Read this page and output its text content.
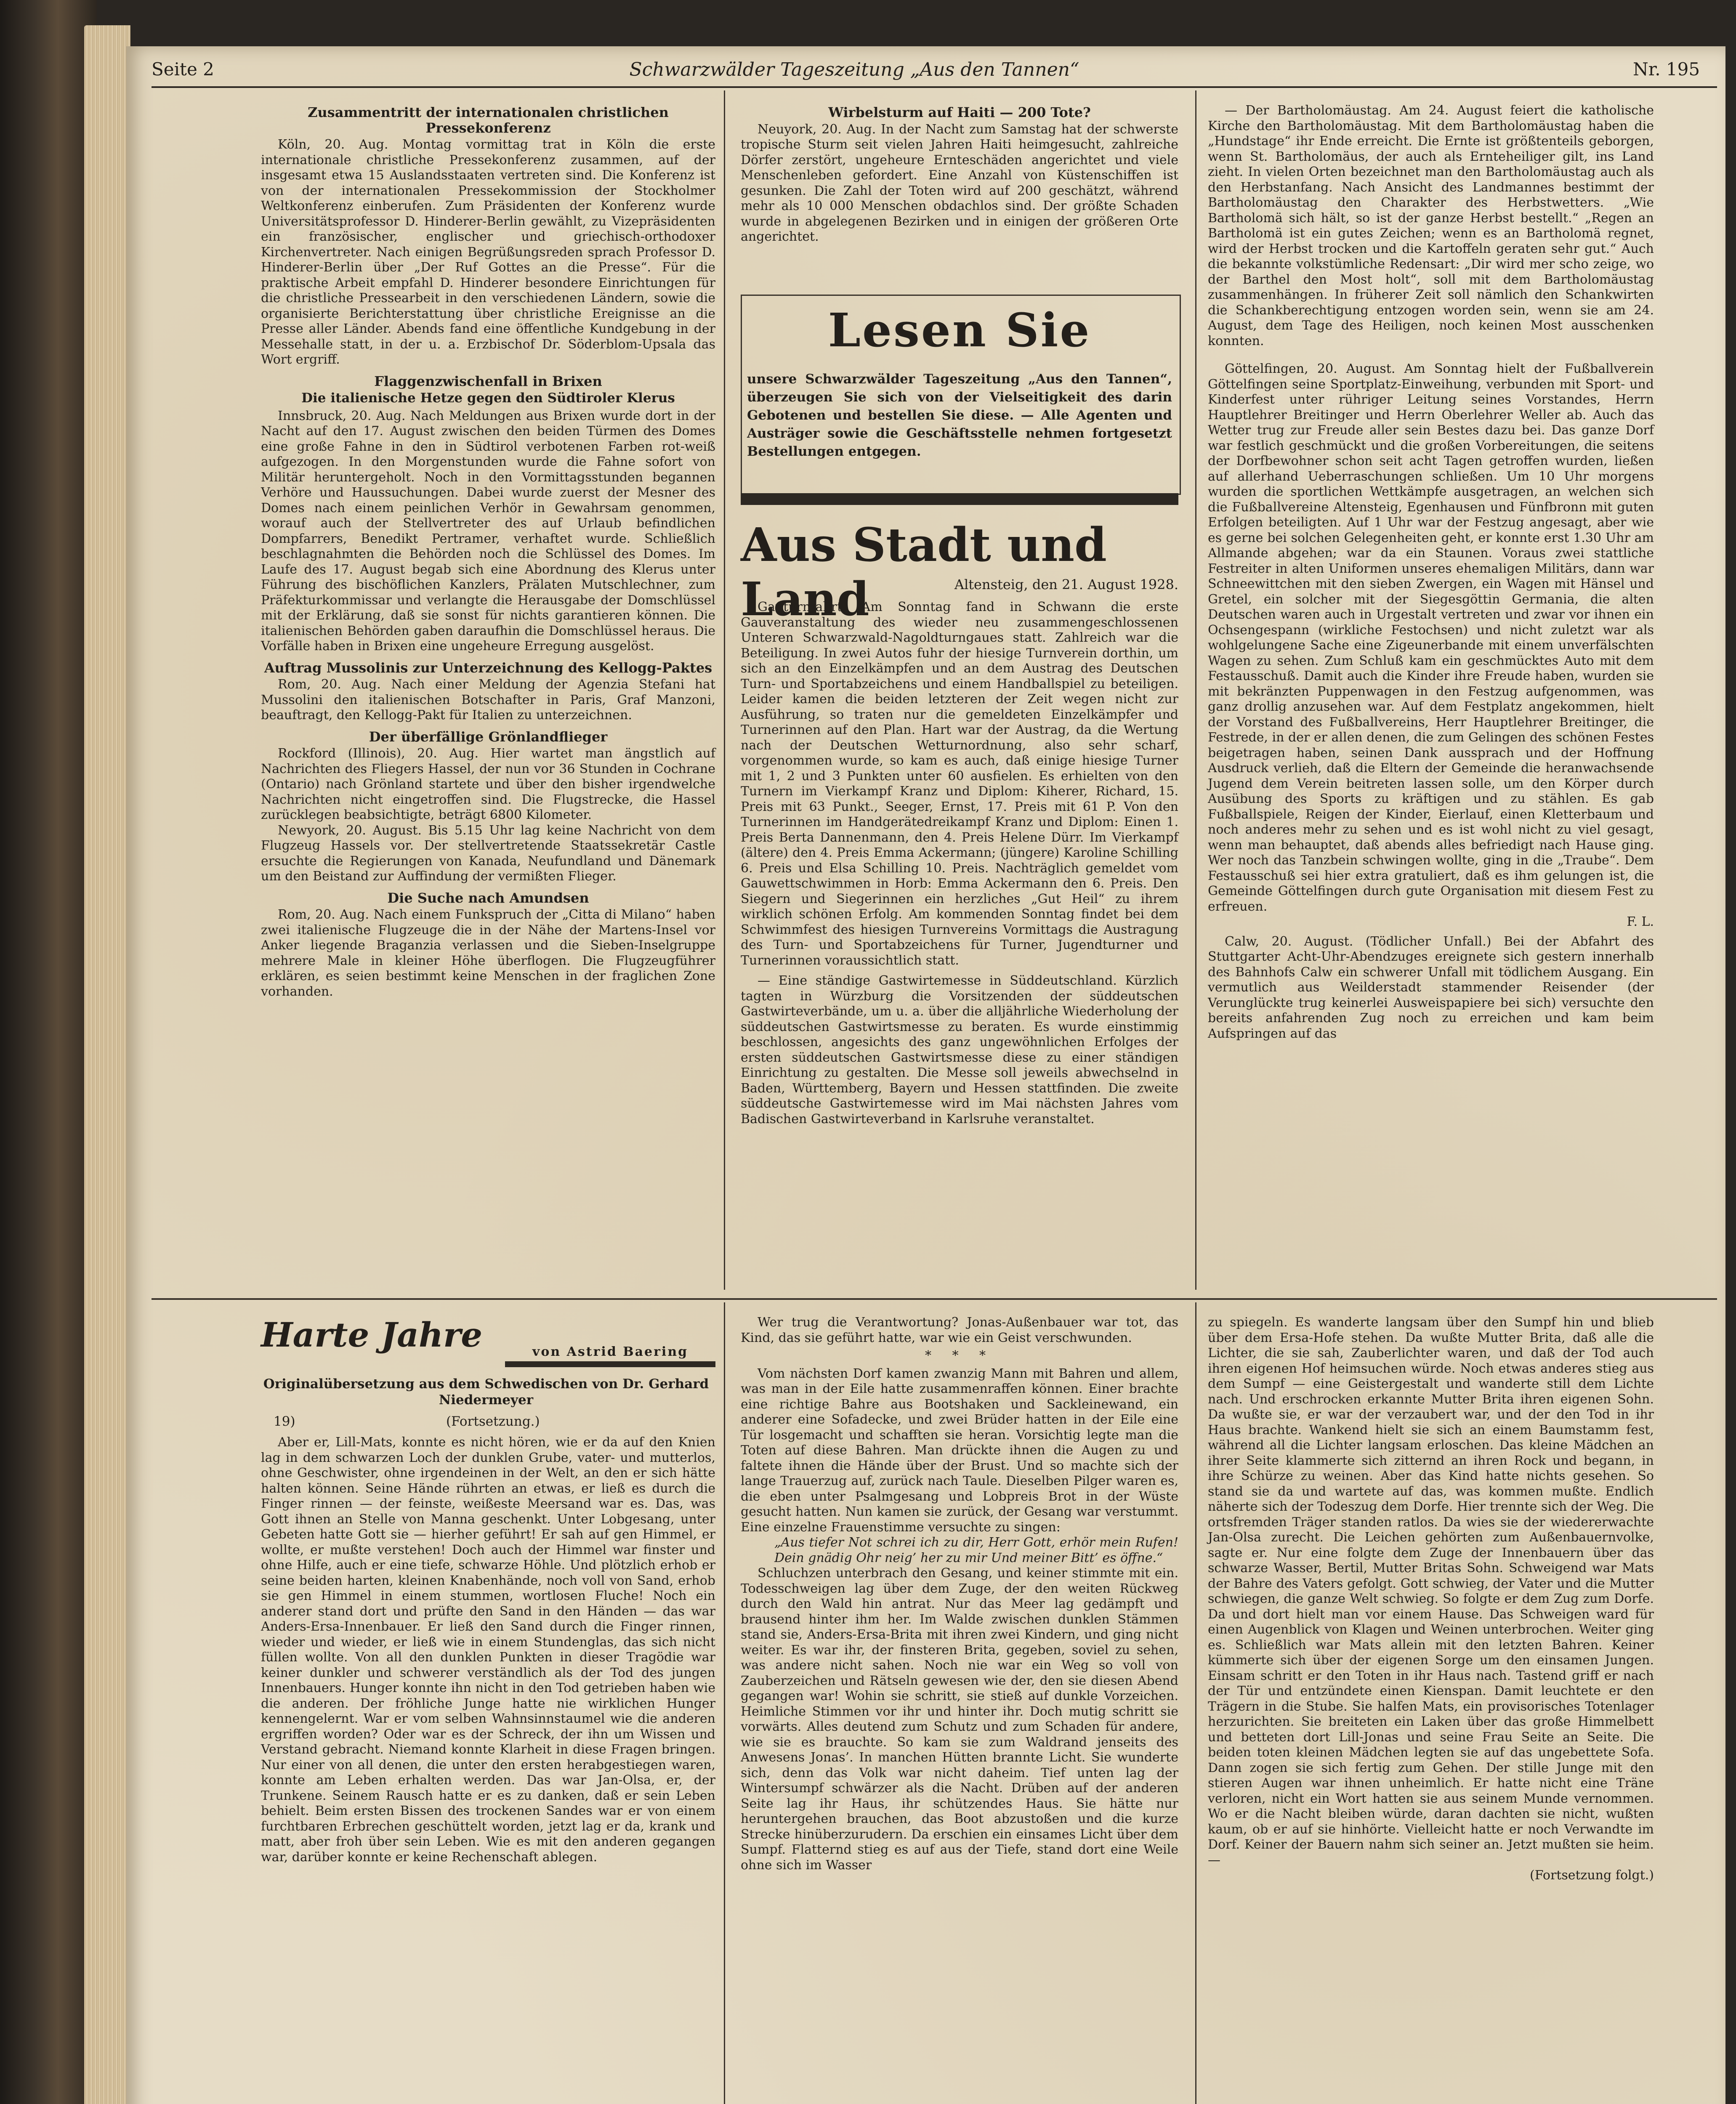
Seite 2	Schwarzwälder Tageszeitung „Aus den Tannen“	Nr. 195
Zusammentritt der internationalen christlichen Pressekonferenz

Köln, 20. Aug. Montag vormittag trat in Köln die erste internationale christliche Pressekonferenz zusammen, auf der insgesamt etwa 15 Auslandsstaaten vertreten sind. Die Konferenz ist von der internationalen Pressekommission der Stockholmer Weltkonferenz einberufen. Zum Präsidenten der Konferenz wurde Universitätsprofessor D. Hinderer-Berlin gewählt, zu Vizepräsidenten ein französischer, englischer und griechisch-orthodoxer Kirchenvertreter. Nach einigen Begrüßungsreden sprach Professor D. Hinderer-Berlin über „Der Ruf Gottes an die Presse“. Für die praktische Arbeit empfahl D. Hinderer besondere Einrichtungen für die christliche Pressearbeit in den verschiedenen Ländern, sowie die organisierte Berichterstattung über christliche Ereignisse an die Presse aller Länder. Abends fand eine öffentliche Kundgebung in der Messehalle statt, in der u. a. Erzbischof Dr. Söderblom-Upsala das Wort ergriff.

Flaggenzwischenfall in Brixen
Die italienische Hetze gegen den Südtiroler Klerus

Innsbruck, 20. Aug. Nach Meldungen aus Brixen wurde dort in der Nacht auf den 17. August zwischen den beiden Türmen des Domes eine große Fahne in den in Südtirol verbotenen Farben rot-weiß aufgezogen. In den Morgenstunden wurde die Fahne sofort von Militär heruntergeholt. Noch in den Vormittagsstunden begannen Verhöre und Haussuchungen. Dabei wurde zuerst der Mesner des Domes nach einem peinlichen Verhör in Gewahrsam genommen, worauf auch der Stellvertreter des auf Urlaub befindlichen Dompfarrers, Benedikt Pertramer, verhaftet wurde. Schließlich beschlagnahmten die Behörden noch die Schlüssel des Domes. Im Laufe des 17. August begab sich eine Abordnung des Klerus unter Führung des bischöflichen Kanzlers, Prälaten Mutschlechner, zum Präfekturkommissar und verlangte die Herausgabe der Domschlüssel mit der Erklärung, daß sie sonst für nichts garantieren können. Die italienischen Behörden gaben daraufhin die Domschlüssel heraus. Die Vorfälle haben in Brixen eine ungeheure Erregung ausgelöst.

Auftrag Mussolinis zur Unterzeichnung des Kellogg-Paktes

Rom, 20. Aug. Nach einer Meldung der Agenzia Stefani hat Mussolini den italienischen Botschafter in Paris, Graf Manzoni, beauftragt, den Kellogg-Pakt für Italien zu unterzeichnen.

Der überfällige Grönlandflieger

Rockford (Illinois), 20. Aug. Hier wartet man ängstlich auf Nachrichten des Fliegers Hassel, der nun vor 36 Stunden in Cochrane (Ontario) nach Grönland startete und über den bisher irgendwelche Nachrichten nicht eingetroffen sind. Die Flugstrecke, die Hassel zurücklegen beabsichtigte, beträgt 6800 Kilometer.

Newyork, 20. August. Bis 5.15 Uhr lag keine Nachricht von dem Flugzeug Hassels vor. Der stellvertretende Staatssekretär Castle ersuchte die Regierungen von Kanada, Neufundland und Dänemark um den Beistand zur Auffindung der vermißten Flieger.

Die Suche nach Amundsen

Rom, 20. Aug. Nach einem Funkspruch der „Citta di Milano“ haben zwei italienische Flugzeuge die in der Nähe der Martens-Insel vor Anker liegende Braganzia verlassen und die Sieben-Inselgruppe mehrere Male in kleiner Höhe überflogen. Die Flugzeugführer erklären, es seien bestimmt keine Menschen in der fraglichen Zone vorhanden.

Wirbelsturm auf Haiti — 200 Tote?

Neuyork, 20. Aug. In der Nacht zum Samstag hat der schwerste tropische Sturm seit vielen Jahren Haiti heimgesucht, zahlreiche Dörfer zerstört, ungeheure Ernteschäden angerichtet und viele Menschenleben gefordert. Eine Anzahl von Küstenschiffen ist gesunken. Die Zahl der Toten wird auf 200 geschätzt, während mehr als 10 000 Menschen obdachlos sind. Der größte Schaden wurde in abgelegenen Bezirken und in einigen der größeren Orte angerichtet.

Lesen Sie
unsere Schwarzwälder Tageszeitung „Aus den Tannen“, überzeugen Sie sich von der Vielseitigkeit des darin Gebotenen und bestellen Sie diese. — Alle Agenten und Austräger sowie die Geschäftsstelle nehmen fortgesetzt Bestellungen entgegen.
Aus Stadt und Land	Altensteig, den 21. August 1928.

Gauturnfahrt. Am Sonntag fand in Schwann die erste Gauveranstaltung des wieder neu zusammengeschlossenen Unteren Schwarzwald-Nagoldturngaues statt. Zahlreich war die Beteiligung. In zwei Autos fuhr der hiesige Turnverein dorthin, um sich an den Einzelkämpfen und an dem Austrag des Deutschen Turn- und Sportabzeichens und einem Handballspiel zu beteiligen. Leider kamen die beiden letzteren der Zeit wegen nicht zur Ausführung, so traten nur die gemeldeten Einzelkämpfer und Turnerinnen auf den Plan. Hart war der Austrag, da die Wertung nach der Deutschen Wetturnordnung, also sehr scharf, vorgenommen wurde, so kam es auch, daß einige hiesige Turner mit 1, 2 und 3 Punkten unter 60 ausfielen. Es erhielten von den Turnern im Vierkampf Kranz und Diplom: Kiherer, Richard, 15. Preis mit 63 Punkt., Seeger, Ernst, 17. Preis mit 61 P. Von den Turnerinnen im Handgerätedreikampf Kranz und Diplom: Einen 1. Preis Berta Dannenmann, den 4. Preis Helene Dürr. Im Vierkampf (ältere) den 4. Preis Emma Ackermann; (jüngere) Karoline Schilling 6. Preis und Elsa Schilling 10. Preis. Nachträglich gemeldet vom Gauwettschwimmen in Horb: Emma Ackermann den 6. Preis. Den Siegern und Siegerinnen ein herzliches „Gut Heil“ zu ihrem wirklich schönen Erfolg. Am kommenden Sonntag findet bei dem Schwimmfest des hiesigen Turnvereins Vormittags die Austragung des Turn- und Sportabzeichens für Turner, Jugendturner und Turnerinnen voraussichtlich statt.

— Eine ständige Gastwirtemesse in Süddeutschland. Kürzlich tagten in Würzburg die Vorsitzenden der süddeutschen Gastwirteverbände, um u. a. über die alljährliche Wiederholung der süddeutschen Gastwirtsmesse zu beraten. Es wurde einstimmig beschlossen, angesichts des ganz ungewöhnlichen Erfolges der ersten süddeutschen Gastwirtsmesse diese zu einer ständigen Einrichtung zu gestalten. Die Messe soll jeweils abwechselnd in Baden, Württemberg, Bayern und Hessen stattfinden. Die zweite süddeutsche Gastwirtemesse wird im Mai nächsten Jahres vom Badischen Gastwirteverband in Karlsruhe veranstaltet.

— Der Bartholomäustag. Am 24. August feiert die katholische Kirche den Bartholomäustag. Mit dem Bartholomäustag haben die „Hundstage“ ihr Ende erreicht. Die Ernte ist größtenteils geborgen, wenn St. Bartholomäus, der auch als Ernteheiliger gilt, ins Land zieht. In vielen Orten bezeichnet man den Bartholomäustag auch als den Herbstanfang. Nach Ansicht des Landmannes bestimmt der Bartholomäustag den Charakter des Herbstwetters. „Wie Bartholomä sich hält, so ist der ganze Herbst bestellt.“ „Regen an Bartholomä ist ein gutes Zeichen; wenn es an Bartholomä regnet, wird der Herbst trocken und die Kartoffeln geraten sehr gut.“ Auch die bekannte volkstümliche Redensart: „Dir wird mer scho zeige, wo der Barthel den Most holt“, soll mit dem Bartholomäustag zusammenhängen. In früherer Zeit soll nämlich den Schankwirten die Schankberechtigung entzogen worden sein, wenn sie am 24. August, dem Tage des Heiligen, noch keinen Most ausschenken konnten.

Göttelfingen, 20. August. Am Sonntag hielt der Fußballverein Göttelfingen seine Sportplatz-Einweihung, verbunden mit Sport- und Kinderfest unter rühriger Leitung seines Vorstandes, Herrn Hauptlehrer Breitinger und Herrn Oberlehrer Weller ab. Auch das Wetter trug zur Freude aller sein Bestes dazu bei. Das ganze Dorf war festlich geschmückt und die großen Vorbereitungen, die seitens der Dorfbewohner schon seit acht Tagen getroffen wurden, ließen auf allerhand Ueberraschungen schließen. Um 10 Uhr morgens wurden die sportlichen Wettkämpfe ausgetragen, an welchen sich die Fußballvereine Altensteig, Egenhausen und Fünfbronn mit guten Erfolgen beteiligten. Auf 1 Uhr war der Festzug angesagt, aber wie es gerne bei solchen Gelegenheiten geht, er konnte erst 1.30 Uhr am Allmande abgehen; war da ein Staunen. Voraus zwei stattliche Festreiter in alten Uniformen unseres ehemaligen Militärs, dann war Schneewittchen mit den sieben Zwergen, ein Wagen mit Hänsel und Gretel, ein solcher mit der Siegesgöttin Germania, die alten Deutschen waren auch in Urgestalt vertreten und zwar vor ihnen ein Ochsengespann (wirkliche Festochsen) und nicht zuletzt war als wohlgelungene Sache eine Zigeunerbande mit einem unverfälschten Wagen zu sehen. Zum Schluß kam ein geschmücktes Auto mit dem Festausschuß. Damit auch die Kinder ihre Freude haben, wurden sie mit bekränzten Puppenwagen in den Festzug aufgenommen, was ganz drollig anzusehen war. Auf dem Festplatz angekommen, hielt der Vorstand des Fußballvereins, Herr Hauptlehrer Breitinger, die Festrede, in der er allen denen, die zum Gelingen des schönen Festes beigetragen haben, seinen Dank aussprach und der Hoffnung Ausdruck verlieh, daß die Eltern der Gemeinde die heranwachsende Jugend dem Verein beitreten lassen solle, um den Körper durch Ausübung des Sports zu kräftigen und zu stählen. Es gab Fußballspiele, Reigen der Kinder, Eierlauf, einen Kletterbaum und noch anderes mehr zu sehen und es ist wohl nicht zu viel gesagt, wenn man behauptet, daß abends alles befriedigt nach Hause ging. Wer noch das Tanzbein schwingen wollte, ging in die „Traube“. Dem Festausschuß sei hier extra gratuliert, daß es ihm gelungen ist, die Gemeinde Göttelfingen durch gute Organisation mit diesem Fest zu erfreuen.

F. L.

Calw, 20. August. (Tödlicher Unfall.) Bei der Abfahrt des Stuttgarter Acht-Uhr-Abendzuges ereignete sich gestern innerhalb des Bahnhofs Calw ein schwerer Unfall mit tödlichem Ausgang. Ein vermutlich aus Weilderstadt stammender Reisender (der Verunglückte trug keinerlei Ausweispapiere bei sich) versuchte den bereits anfahrenden Zug noch zu erreichen und kam beim Aufspringen auf das

Harte Jahre	von Astrid Baering
Originalübersetzung aus dem Schwedischen von Dr. Gerhard Niedermeyer
19)	(Fortsetzung.)

Aber er, Lill-Mats, konnte es nicht hören, wie er da auf den Knien lag in dem schwarzen Loch der dunklen Grube, vater- und mutterlos, ohne Geschwister, ohne irgendeinen in der Welt, an den er sich hätte halten können. Seine Hände rührten an etwas, er ließ es durch die Finger rinnen — der feinste, weißeste Meersand war es. Das, was Gott ihnen an Stelle von Manna geschenkt. Unter Lobgesang, unter Gebeten hatte Gott sie — hierher geführt! Er sah auf gen Himmel, er wollte, er mußte verstehen! Doch auch der Himmel war finster und ohne Hilfe, auch er eine tiefe, schwarze Höhle. Und plötzlich erhob er seine beiden harten, kleinen Knabenhände, noch voll von Sand, erhob sie gen Himmel in einem stummen, wortlosen Fluche! Noch ein anderer stand dort und prüfte den Sand in den Händen — das war Anders-Ersa-Innenbauer. Er ließ den Sand durch die Finger rinnen, wieder und wieder, er ließ wie in einem Stundenglas, das sich nicht füllen wollte. Von all den dunklen Punkten in dieser Tragödie war keiner dunkler und schwerer verständlich als der Tod des jungen Innenbauers. Hunger konnte ihn nicht in den Tod getrieben haben wie die anderen. Der fröhliche Junge hatte nie wirklichen Hunger kennengelernt. War er vom selben Wahnsinnstaumel wie die anderen ergriffen worden? Oder war es der Schreck, der ihn um Wissen und Verstand gebracht. Niemand konnte Klarheit in diese Fragen bringen. Nur einer von all denen, die unter den ersten herabgestiegen waren, konnte am Leben erhalten werden. Das war Jan-Olsa, er, der Trunkene. Seinem Rausch hatte er es zu danken, daß er sein Leben behielt. Beim ersten Bissen des trockenen Sandes war er von einem furchtbaren Erbrechen geschüttelt worden, jetzt lag er da, krank und matt, aber froh über sein Leben. Wie es mit den anderen gegangen war, darüber konnte er keine Rechenschaft ablegen.

Wer trug die Verantwortung? Jonas-Außenbauer war tot, das Kind, das sie geführt hatte, war wie ein Geist verschwunden.

* * *

Vom nächsten Dorf kamen zwanzig Mann mit Bahren und allem, was man in der Eile hatte zusammenraffen können. Einer brachte eine richtige Bahre aus Bootshaken und Sackleinewand, ein anderer eine Sofadecke, und zwei Brüder hatten in der Eile eine Tür losgemacht und schafften sie heran. Vorsichtig legte man die Toten auf diese Bahren. Man drückte ihnen die Augen zu und faltete ihnen die Hände über der Brust. Und so machte sich der lange Trauerzug auf, zurück nach Taule. Dieselben Pilger waren es, die eben unter Psalmgesang und Lobpreis Brot in der Wüste gesucht hatten. Nun kamen sie zurück, der Gesang war verstummt. Eine einzelne Frauenstimme versuchte zu singen:

„Aus tiefer Not schrei ich zu dir, Herr Gott, erhör mein Rufen! Dein gnädig Ohr neig’ her zu mir Und meiner Bitt’ es öffne.“

Schluchzen unterbrach den Gesang, und keiner stimmte mit ein. Todesschweigen lag über dem Zuge, der den weiten Rückweg durch den Wald hin antrat. Nur das Meer lag gedämpft und brausend hinter ihm her. Im Walde zwischen dunklen Stämmen stand sie, Anders-Ersa-Brita mit ihren zwei Kindern, und ging nicht weiter. Es war ihr, der finsteren Brita, gegeben, soviel zu sehen, was andere nicht sahen. Noch nie war ein Weg so voll von Zauberzeichen und Rätseln gewesen wie der, den sie diesen Abend gegangen war! Wohin sie schritt, sie stieß auf dunkle Vorzeichen. Heimliche Stimmen vor ihr und hinter ihr. Doch mutig schritt sie vorwärts. Alles deutend zum Schutz und zum Schaden für andere, wie sie es brauchte. So kam sie zum Waldrand jenseits des Anwesens Jonas’. In manchen Hütten brannte Licht. Sie wunderte sich, denn das Volk war nicht daheim. Tief unten lag der Wintersumpf schwärzer als die Nacht. Drüben auf der anderen Seite lag ihr Haus, ihr schützendes Haus. Sie hätte nur heruntergehen brauchen, das Boot abzustoßen und die kurze Strecke hinüberzurudern. Da erschien ein einsames Licht über dem Sumpf. Flatternd stieg es auf aus der Tiefe, stand dort eine Weile ohne sich im Wasser

zu spiegeln. Es wanderte langsam über den Sumpf hin und blieb über dem Ersa-Hofe stehen. Da wußte Mutter Brita, daß alle die Lichter, die sie sah, Zauberlichter waren, und daß der Tod auch ihren eigenen Hof heimsuchen würde. Noch etwas anderes stieg aus dem Sumpf — eine Geistergestalt und wanderte still dem Lichte nach. Und erschrocken erkannte Mutter Brita ihren eigenen Sohn. Da wußte sie, er war der verzaubert war, und der den Tod in ihr Haus brachte. Wankend hielt sie sich an einem Baumstamm fest, während all die Lichter langsam erloschen. Das kleine Mädchen an ihrer Seite klammerte sich zitternd an ihren Rock und begann, in ihre Schürze zu weinen. Aber das Kind hatte nichts gesehen. So stand sie da und wartete auf das, was kommen mußte. Endlich näherte sich der Todeszug dem Dorfe. Hier trennte sich der Weg. Die ortsfremden Träger standen ratlos. Da wies sie der wiedererwachte Jan-Olsa zurecht. Die Leichen gehörten zum Außenbauernvolke, sagte er. Nur eine folgte dem Zuge der Innenbauern über das schwarze Wasser, Bertil, Mutter Britas Sohn. Schweigend war Mats der Bahre des Vaters gefolgt. Gott schwieg, der Vater und die Mutter schwiegen, die ganze Welt schwieg. So folgte er dem Zug zum Dorfe. Da und dort hielt man vor einem Hause. Das Schweigen ward für einen Augenblick von Klagen und Weinen unterbrochen. Weiter ging es. Schließlich war Mats allein mit den letzten Bahren. Keiner kümmerte sich über der eigenen Sorge um den einsamen Jungen. Einsam schritt er den Toten in ihr Haus nach. Tastend griff er nach der Tür und entzündete einen Kienspan. Damit leuchtete er den Trägern in die Stube. Sie halfen Mats, ein provisorisches Totenlager herzurichten. Sie breiteten ein Laken über das große Himmelbett und betteten dort Lill-Jonas und seine Frau Seite an Seite. Die beiden toten kleinen Mädchen legten sie auf das ungebettete Sofa. Dann zogen sie sich fertig zum Gehen. Der stille Junge mit den stieren Augen war ihnen unheimlich. Er hatte nicht eine Träne verloren, nicht ein Wort hatten sie aus seinem Munde vernommen. Wo er die Nacht bleiben würde, daran dachten sie nicht, wußten kaum, ob er auf sie hinhörte. Vielleicht hatte er noch Verwandte im Dorf. Keiner der Bauern nahm sich seiner an. Jetzt mußten sie heim. —

(Fortsetzung folgt.)
